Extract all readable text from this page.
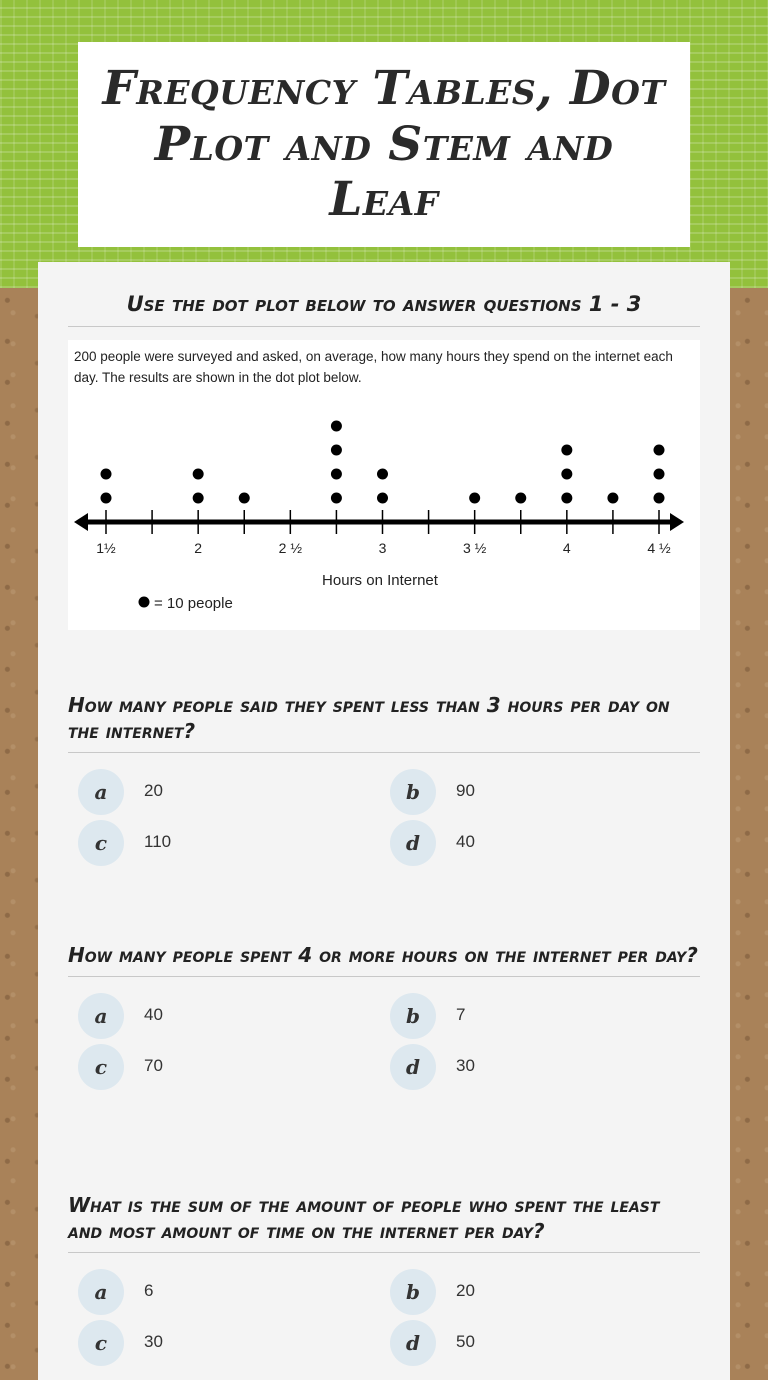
Frequency Tables, Dot Plot and Stem and Leaf
Use the dot plot below to answer questions 1 - 3

200 people were surveyed and asked, on average, how many hours they spend on the internet each day. The results are shown in the dot plot below.

1½	2	2 ½	3	3 ½	4	4 ½
Hours on Internet
= 10 people

How many people said they spent less than 3 hours per day on the internet?

a	20	b	90
c	110	d	40

How many people spent 4 or more hours on the internet per day?

a	40	b	7
c	70	d	30

What is the sum of the amount of people who spent the least and most amount of time on the internet per day?

a	6	b	20
c	30	d	50
